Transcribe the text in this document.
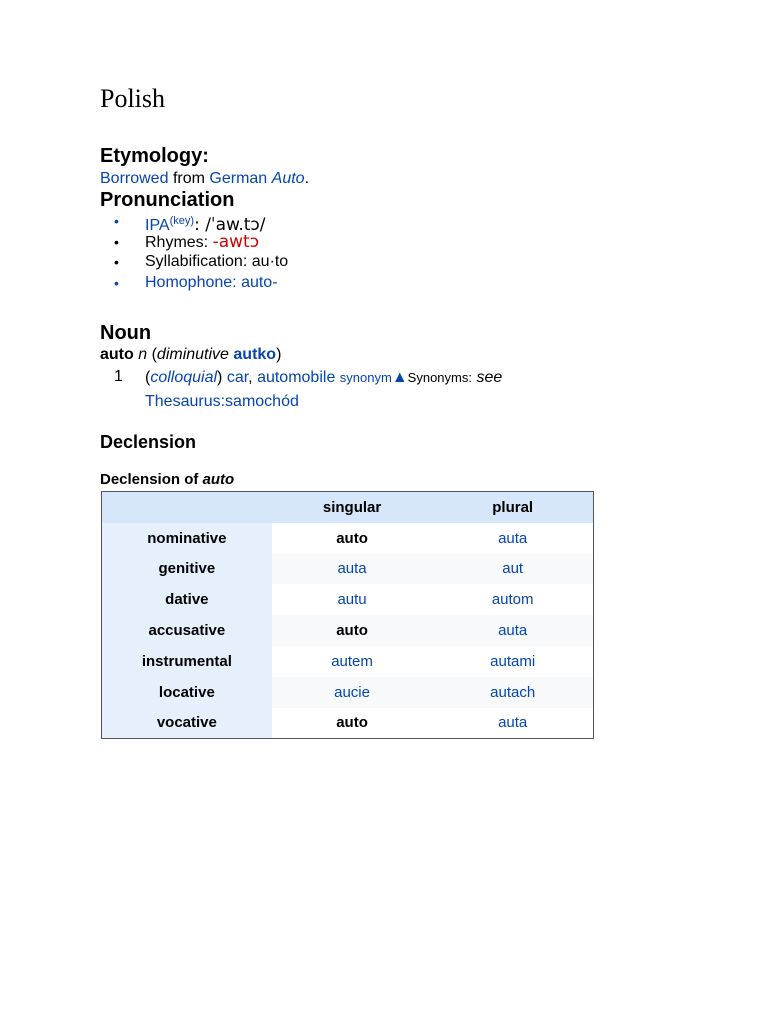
Polish
Etymology:
Borrowed from German Auto.
Pronunciation
• $IPA^{(key)}$: /ˈaw.tɔ/
• Rhymes: -awtɔ
• Syllabification: au·to
• Homophone: auto-
Noun
auto n (diminutive autko)
1 (colloquial) car, automobile synonym▲Synonyms: see
Thesaurus:samochód
Declension
Declension of auto
	singular	plural
nominative	auto	auta
genitive	auta	aut
dative	autu	autom
accusative	auto	auta
instrumental	autem	autami
locative	aucie	autach
vocative	auto	auta
